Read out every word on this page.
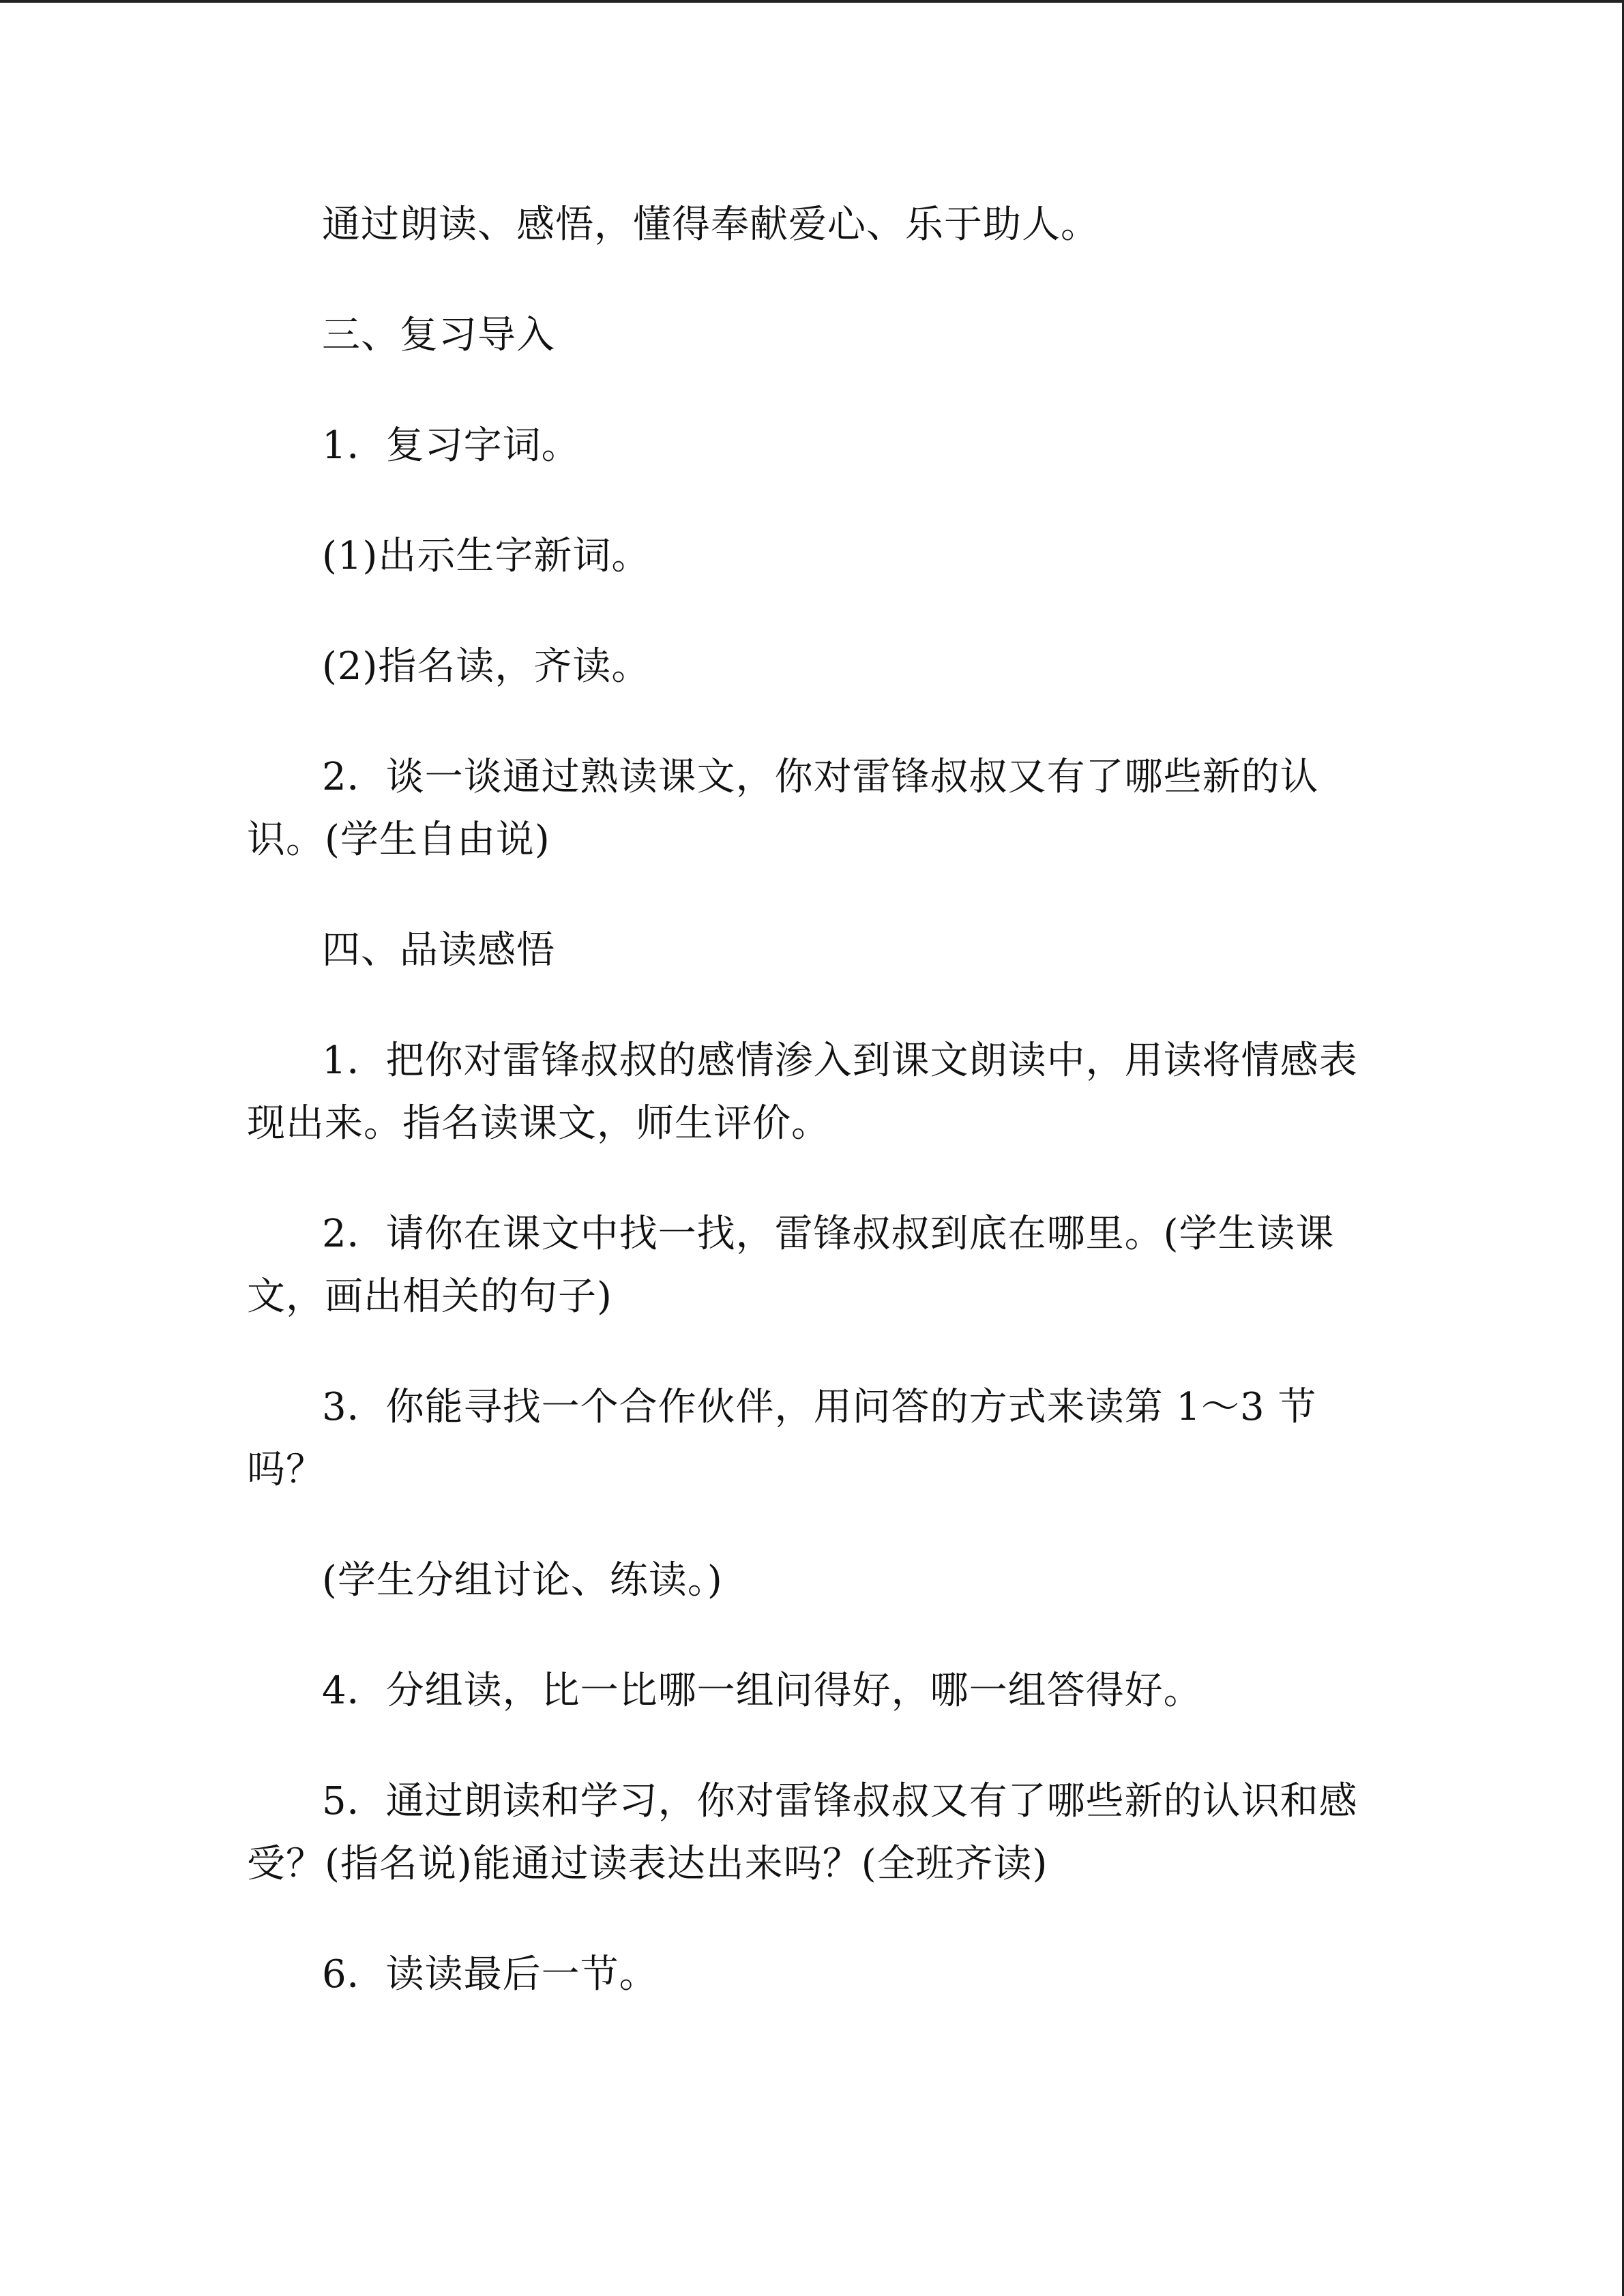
通过朗读、感悟，懂得奉献爱心、乐于助人。

三、复习导入

1．复习字词。

(1)出示生字新词。

(2)指名读，齐读。

2．谈一谈通过熟读课文，你对雷锋叔叔又有了哪些新的认识。(学生自由说)

四、品读感悟

1．把你对雷锋叔叔的感情渗入到课文朗读中，用读将情感表现出来。指名读课文，师生评价。

2．请你在课文中找一找，雷锋叔叔到底在哪里。(学生读课文，画出相关的句子)

3．你能寻找一个合作伙伴，用问答的方式来读第 1～3 节吗？

(学生分组讨论、练读。)

4．分组读，比一比哪一组问得好，哪一组答得好。

5．通过朗读和学习，你对雷锋叔叔又有了哪些新的认识和感受？(指名说)能通过读表达出来吗？(全班齐读)

6．读读最后一节。
